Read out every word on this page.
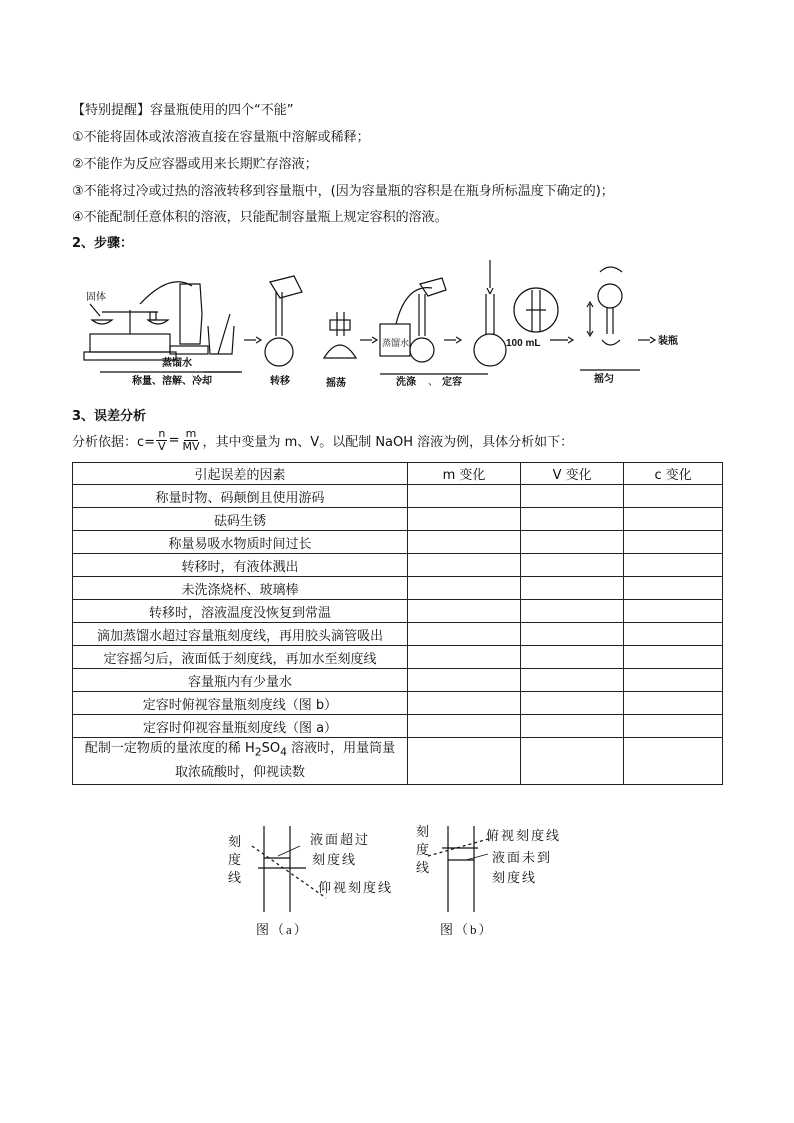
【特别提醒】容量瓶使用的四个“不能”
①不能将固体或浓溶液直接在容量瓶中溶解或稀释；
②不能作为反应容器或用来长期贮存溶液；
③不能将过冷或过热的溶液转移到容量瓶中，(因为容量瓶的容积是在瓶身所标温度下确定的)；
④不能配制任意体积的溶液，只能配制容量瓶上规定容积的溶液。
2、步骤：
固体
蒸馏水
称量、溶解、冷却	转移	摇荡
蒸馏水
洗涤 、 定容
100 mL
摇匀
装瓶
3、误差分析
分析依据：$c= \frac{n}{V} = \frac{m}{MV}$ ，其中变量为 m、V。以配制 NaOH 溶液为例，具体分析如下：
引起误差的因素	m 变化	V 变化	c 变化
称量时物、码颠倒且使用游码			
砝码生锈			
称量易吸水物质时间过长			
转移时，有液体溅出			
未洗涤烧杯、玻璃棒			
转移时，溶液温度没恢复到常温			
滴加蒸馏水超过容量瓶刻度线，再用胶头滴管吸出			
定容摇匀后，液面低于刻度线，再加水至刻度线			
容量瓶内有少量水			
定容时俯视容量瓶刻度线（图 b）			
定容时仰视容量瓶刻度线（图 a）			
配制一定物质的量浓度的稀 $H_2SO_4$ 溶液时，用量筒量
取浓硫酸时，仰视读数			
刻
度
线
液面超过
刻度线
仰视刻度线
图（a）
刻
度
线
俯视刻度线
液面未到
刻度线
图（b）
